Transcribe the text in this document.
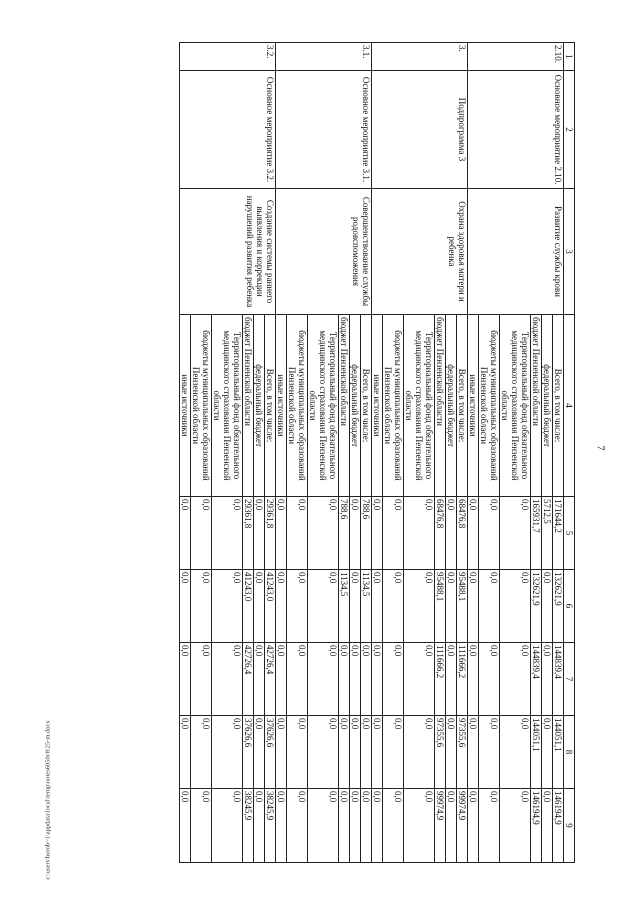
7
c:\users\borob~1\appdata\local\temp\notes6050c8\25-m.docx
1	2	3	4	5	6	7	8	9
2.10.	Основное мероприятие 2.10.	Развитие службы крови	Всего, в том числе:	171644,2	132621,9	144839,4	144051,1	146194,9
			федеральный бюджет	5712,5	0,0	0,0	0,0	0,0
			бюджет Пензенской области	165931,7	132621,9	144839,4	144051,1	146194,9
			Территориальный фонд обязательного медицинского страхования Пензенской области	0,0	0,0	0,0	0,0	0,0
			бюджеты муниципальных образований Пензенской области	0,0	0,0	0,0	0,0	0,0
			иные источники	0,0	0,0	0,0	0,0	0,0
3.	Подпрограмма 3	Охрана здоровья матери и ребенка	Всего, в том числе:	68476,8	95488,1	111666,2	97355,6	99974,9
			федеральный бюджет	0,0	0,0	0,0	0,0	0,0
			бюджет Пензенской области	68476,8	95488,1	111666,2	97355,6	99974,9
			Территориальный фонд обязательного медицинского страхования Пензенской области	0,0	0,0	0,0	0,0	0,0
			бюджеты муниципальных образований Пензенской области	0,0	0,0	0,0	0,0	0,0
			иные источники	0,0	0,0	0,0	0,0	0,0
3.1.	Основное мероприятие 3.1.	Совершенствование службы родовспоможения	Всего, в том числе:	788,6	1134,5	0,0	0,0	0,0
			федеральный бюджет	0,0	0,0	0,0	0,0	0,0
			бюджет Пензенской области	788,6	1134,5	0,0	0,0	0,0
			Территориальный фонд обязательного медицинского страхования Пензенской области	0,0	0,0	0,0	0,0	0,0
			бюджеты муниципальных образований Пензенской области	0,0	0,0	0,0	0,0	0,0
			иные источники	0,0	0,0	0,0	0,0	0,0
3.2.	Основное мероприятие 3.2.	Создание системы раннего выявления и коррекции нарушений развития ребенка	Всего, в том числе:	29361,8	41243,0	42726,4	37626,6	38245,9
			федеральный бюджет	0,0	0,0	0,0	0,0	0,0
			бюджет Пензенской области	29361,8	41243,0	42726,4	37626,6	38245,9
			Территориальный фонд обязательного медицинского страхования Пензенской области	0,0	0,0	0,0	0,0	0,0
			бюджеты муниципальных образований Пензенской области	0,0	0,0	0,0	0,0	0,0
			иные источники	0,0	0,0	0,0	0,0	0,0
